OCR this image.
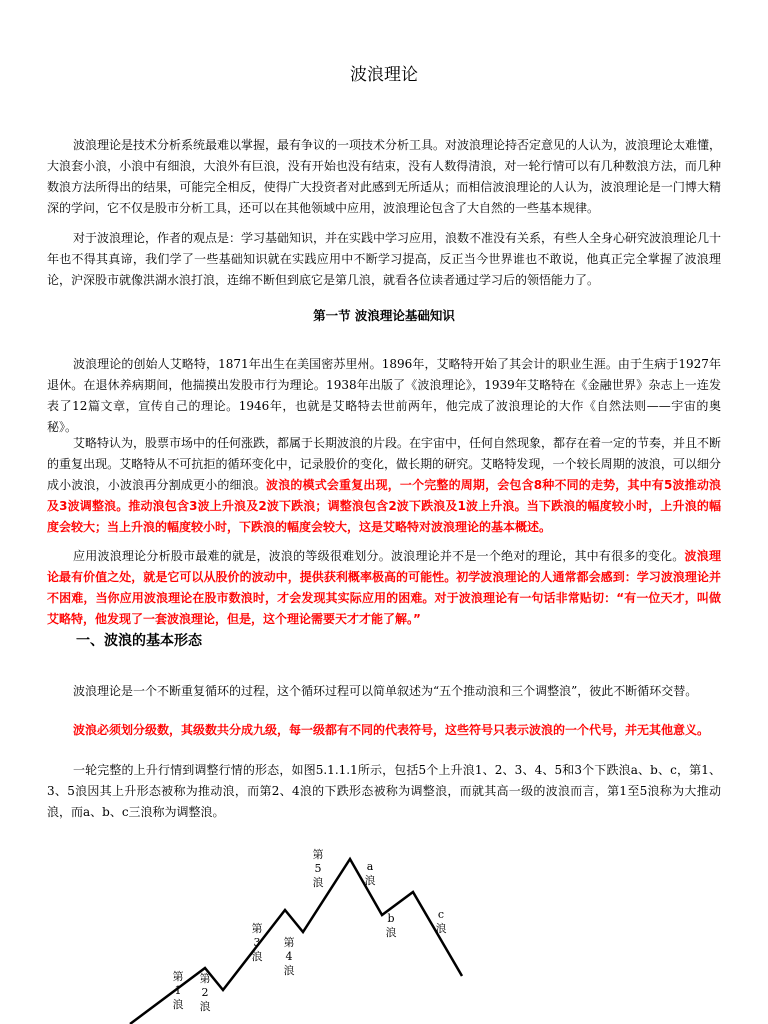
波浪理论

波浪理论是技术分析系统最难以掌握，最有争议的一项技术分析工具。对波浪理论持否定意见的人认为，波浪理论太难懂，大浪套小浪，小浪中有细浪，大浪外有巨浪，没有开始也没有结束，没有人数得清浪，对一轮行情可以有几种数浪方法，而几种数浪方法所得出的结果，可能完全相反，使得广大投资者对此感到无所适从；而相信波浪理论的人认为，波浪理论是一门博大精深的学问，它不仅是股市分析工具，还可以在其他领域中应用，波浪理论包含了大自然的一些基本规律。

对于波浪理论，作者的观点是：学习基础知识，并在实践中学习应用，浪数不准没有关系，有些人全身心研究波浪理论几十年也不得其真谛，我们学了一些基础知识就在实践应用中不断学习提高，反正当今世界谁也不敢说，他真正完全掌握了波浪理论，沪深股市就像洪湖水浪打浪，连绵不断但到底它是第几浪，就看各位读者通过学习后的领悟能力了。

第一节 波浪理论基础知识

波浪理论的创始人艾略特，1871年出生在美国密苏里州。1896年，艾略特开始了其会计的职业生涯。由于生病于1927年退休。在退休养病期间，他揣摸出发股市行为理论。1938年出版了《波浪理论》，1939年艾略特在《金融世界》杂志上一连发表了12篇文章，宣传自己的理论。1946年，也就是艾略特去世前两年，他完成了波浪理论的大作《自然法则——宇宙的奥秘》。

艾略特认为，股票市场中的任何涨跌，都属于长期波浪的片段。在宇宙中，任何自然现象，都存在着一定的节奏，并且不断的重复出现。艾略特从不可抗拒的循环变化中，记录股价的变化，做长期的研究。艾略特发现，一个较长周期的波浪，可以细分成小波浪，小波浪再分割成更小的细浪。波浪的模式会重复出现，一个完整的周期，会包含8种不同的走势，其中有5波推动浪及3波调整浪。推动浪包含3波上升浪及2波下跌浪；调整浪包含2波下跌浪及1波上升浪。当下跌浪的幅度较小时，上升浪的幅度会较大；当上升浪的幅度较小时，下跌浪的幅度会较大，这是艾略特对波浪理论的基本概述。

应用波浪理论分析股市最难的就是，波浪的等级很难划分。波浪理论并不是一个绝对的理论，其中有很多的变化。波浪理论最有价值之处，就是它可以从股价的波动中，提供获利概率极高的可能性。初学波浪理论的人通常都会感到：学习波浪理论并不困难，当你应用波浪理论在股市数浪时，才会发现其实际应用的困难。对于波浪理论有一句话非常贴切：“有一位天才，叫做艾略特，他发现了一套波浪理论，但是，这个理论需要天才才能了解。”

一、波浪的基本形态

波浪理论是一个不断重复循环的过程，这个循环过程可以简单叙述为“五个推动浪和三个调整浪”，彼此不断循环交替。

波浪必须划分级数，其级数共分成九级，每一级都有不同的代表符号，这些符号只表示波浪的一个代号，并无其他意义。

一轮完整的上升行情到调整行情的形态，如图5.1.1.1所示，包括5个上升浪1、2、3、4、5和3个下跌浪a、b、c，第1、3、5浪因其上升形态被称为推动浪，而第2、4浪的下跌形态被称为调整浪，而就其高一级的波浪而言，第1至5浪称为大推动浪，而a、b、c三浪称为调整浪。

第
1
浪
第
2
浪
第
3
浪
第
4
浪
第
5
浪
a
浪
b
浪
c
浪
